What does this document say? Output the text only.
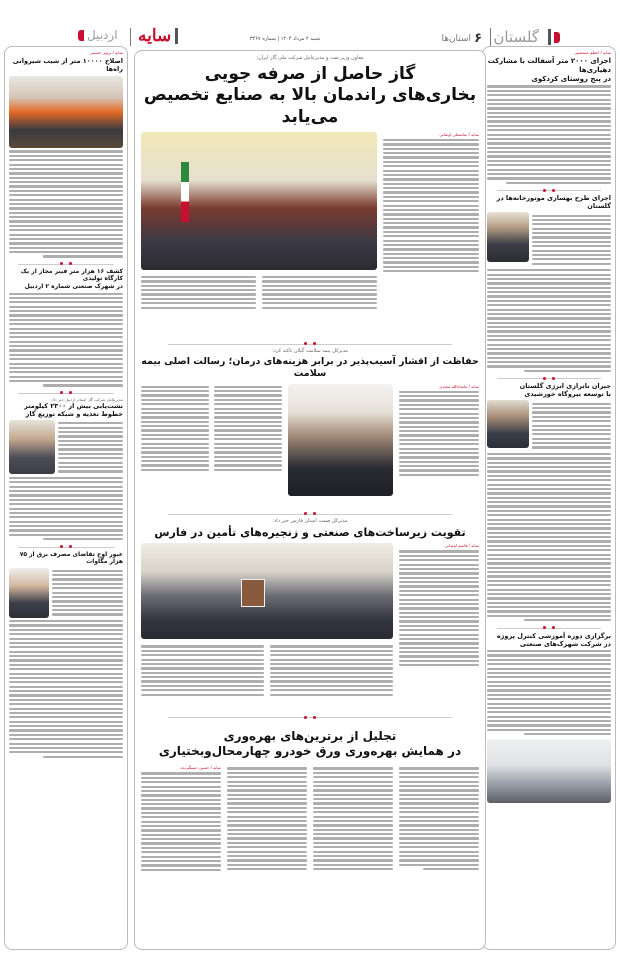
گلستان
۶
استان‌ها
شنبه ۴ مرداد ۱۴۰۴ | شماره ۳۴۶۷
سایه
اردبیل
سایه / اعظم مستغیثی
اجرای ۲۰۰۰ متر آسفالت با مشارکت دهیاری‌ها
در پنج روستای کردکوی
اجرای طرح بهسازی موتورخانه‌ها در گلستان
جبران ناترازی انرژی گلستان
با توسعه نیروگاه خورشیدی
برگزاری دوره آموزشی کنترل پروژه
در شرکت شهرک‌های صنعتی
معاون وزیر نفت و مدیرعامل شرکت ملی گاز ایران:
گاز حاصل از صرفه جویی
بخاری‌های راندمان بالا به صنایع تخصیص می‌یابد
سایه / عباسعلی اوشانی
مدیرکل بیمه سلامت گیلان تاکید کرد:
حفاظت از اقشار آسیب‌پذیر در برابر هزینه‌های درمان؛ رسالت اصلی بیمه سلامت
سایه / ماشاءالله مجیدی
مدیرکل صمت استان فارس خبر داد:
تقویت زیرساخت‌های صنعتی و زنجیره‌های تأمین در فارس
سایه / قاسم اوشانی
تجلیل از برترین‌های بهره‌وری
در همایش بهره‌وری ورق خودرو چهارمحال‌وبختیاری
سایه / حسین دستگیرنده
سایه / پرویز حسینی
اصلاح ۱۰۰۰۰ متر از شیب شیروانی راه‌ها
کشف ۱۶ هزار متر فیبر مجاز از یک کارگاه تولیدی
در شهرک صنعتی شماره ۲ اردبیل
مدیرعامل شرکت گاز استان اردبیل خبر داد:
نشت‌یابی بیش از ۲۳۰۰ کیلومتر
خطوط تغذیه و شبکه توزیع گاز
عبور اوج تقاضای مصرف برق از ۷۵ هزار مگاوات
